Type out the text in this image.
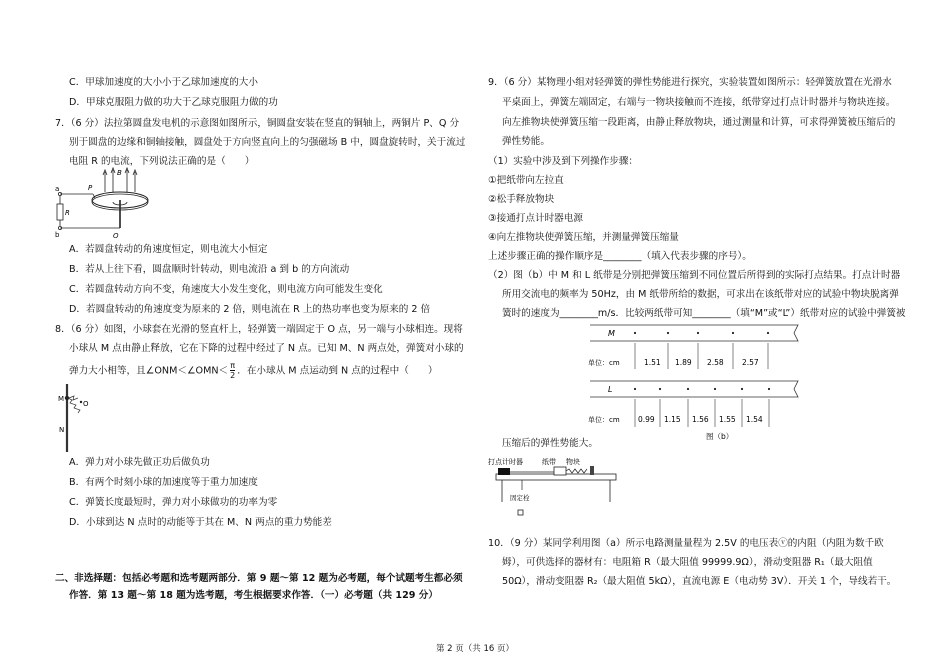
C．甲球加速度的大小小于乙球加速度的大小
D．甲球克服阻力做的功大于乙球克服阻力做的功
7．（6 分）法拉第圆盘发电机的示意图如图所示，铜圆盘安装在竖直的铜轴上，两铜片 P、Q 分
别于圆盘的边缘和铜轴接触，圆盘处于方向竖直向上的匀强磁场 B 中，圆盘旋转时，关于流过
电阻 R 的电流，下列说法正确的是（　　）
a
b
R
P
Q
B
A．若圆盘转动的角速度恒定，则电流大小恒定
B．若从上往下看，圆盘顺时针转动，则电流沿 a 到 b 的方向流动
C．若圆盘转动方向不变，角速度大小发生变化，则电流方向可能发生变化
D．若圆盘转动的角速度变为原来的 2 倍，则电流在 R 上的热功率也变为原来的 2 倍
8．（6 分）如图，小球套在光滑的竖直杆上，轻弹簧一端固定于 O 点，另一端与小球相连。现将
小球从 M 点由静止释放，它在下降的过程中经过了 N 点。已知 M、N 两点处，弹簧对小球的
弹力大小相等，且∠ONM＜∠OMN＜ $\frac{\pi}{2}$ ．在小球从 M 点运动到 N 点的过程中（　　）
M
O
N
A．弹力对小球先做正功后做负功
B．有两个时刻小球的加速度等于重力加速度
C．弹簧长度最短时，弹力对小球做功的功率为零
D．小球到达 N 点时的动能等于其在 M、N 两点的重力势能差
二、非选择题：包括必考题和选考题两部分．第 9 题～第 12 题为必考题，每个试题考生都必须
作答．第 13 题～第 18 题为选考题，考生根据要求作答．（一）必考题（共 129 分）
9．（6 分）某物理小组对轻弹簧的弹性势能进行探究，实验装置如图所示：轻弹簧放置在光滑水
平桌面上，弹簧左端固定，右端与一物块接触而不连接，纸带穿过打点计时器并与物块连接。
向左推物块使弹簧压缩一段距离，由静止释放物块，通过测量和计算，可求得弹簧被压缩后的
弹性势能。
（1）实验中涉及到下列操作步骤：
①把纸带向左拉直
②松手释放物块
③接通打点计时器电源
④向左推物块使弹簧压缩，并测量弹簧压缩量
上述步骤正确的操作顺序是________（填入代表步骤的序号）。
（2）图（b）中 M 和 L 纸带是分别把弹簧压缩到不同位置后所得到的实际打点结果。打点计时器
所用交流电的频率为 50Hz，由 M 纸带所给的数据，可求出在该纸带对应的试验中物块脱离弹
簧时的速度为________m/s．比较两纸带可知________（填“M”或“L”）纸带对应的试验中弹簧被
M
单位：cm	1.51 1.89 2.58 2.57
L
单位：cm 0.99 1.15 1.56 1.55 1.54
图（b）
压缩后的弹性势能大。
打点计时器	纸带 物块
固定栓
10．（9 分）某同学利用图（a）所示电路测量量程为 2.5V 的电压表ⓥ的内阻（内阻为数千欧
姆），可供选择的器材有：电阻箱 R（最大阻值 99999.9Ω），滑动变阻器 R₁（最大阻值
50Ω），滑动变阻器 R₂（最大阻值 5kΩ），直流电源 E（电动势 3V）．开关 1 个，导线若干。
第 2 页（共 16 页）
